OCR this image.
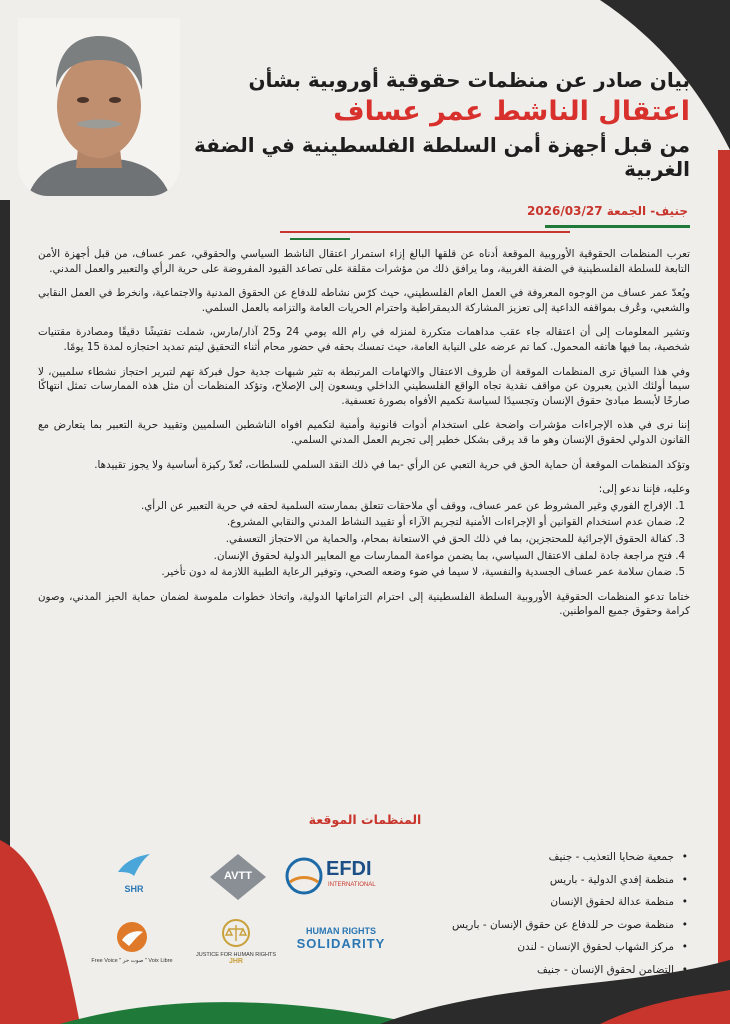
بيان صادر عن منظمات حقوقية أوروبية بشأن
اعتقال الناشط عمر عساف
من قبل أجهزة أمن السلطة الفلسطينية في الضفة الغربية
جنيف- الجمعة 2026/03/27

تعرب المنظمات الحقوقية الأوروبية الموقعة أدناه عن قلقها البالغ إزاء استمرار اعتقال الناشط السياسي والحقوقي، عمر عساف، من قبل أجهزة الأمن التابعة للسلطة الفلسطينية في الضفة الغربية، وما يرافق ذلك من مؤشرات مقلقة على تصاعد القيود المفروضة على حرية الرأي والتعبير والعمل المدني.

ويُعدّ عمر عساف من الوجوه المعروفة في العمل العام الفلسطيني، حيث كرّس نشاطه للدفاع عن الحقوق المدنية والاجتماعية، وانخرط في العمل النقابي والشعبي، وعُرف بمواقفه الداعية إلى تعزيز المشاركة الديمقراطية واحترام الحريات العامة والتزامه بالعمل السلمي.

وتشير المعلومات إلى أن اعتقاله جاء عقب مداهمات متكررة لمنزله في رام الله يومي 24 و25 آذار/مارس، شملت تفتيشًا دقيقًا ومصادرة مقتنيات شخصية، بما فيها هاتفه المحمول. كما تم عرضه على النيابة العامة، حيث تمسك بحقه في حضور محام أثناء التحقيق ليتم تمديد احتجازه لمدة 15 يومًا.

وفي هذا السياق ترى المنظمات الموقعة أن ظروف الاعتقال والاتهامات المرتبطة به تثير شبهات جدية حول فبركة تهم لتبرير احتجاز نشطاء سلميين، لا سيما أولئك الذين يعبرون عن مواقف نقدية تجاه الواقع الفلسطيني الداخلي ويسعون إلى الإصلاح، وتؤكد المنظمات أن مثل هذه الممارسات تمثل انتهاكًا صارخًا لأبسط مبادئ حقوق الإنسان وتجسيدًا لسياسة تكميم الأفواه بصورة تعسفية.

إننا نرى في هذه الإجراءات مؤشرات واضحة على استخدام أدوات قانونية وأمنية لتكميم افواه الناشطين السلميين وتقييد حرية التعبير بما يتعارض مع القانون الدولي لحقوق الإنسان وهو ما قد يرقى بشكل خطير إلى تجريم العمل المدني السلمي.

وتؤكد المنظمات الموقعة أن حماية الحق في حرية التعبي عن الرأي -بما في ذلك النقد السلمي للسلطات، تُعدّ ركيزة أساسية ولا يجوز تقييدها.

وعليه، فإننا ندعو إلى:

1. الإفراج الفوري وغير المشروط عن عمر عساف، ووقف أي ملاحقات تتعلق بممارسته السلمية لحقه في حرية التعبير عن الرأي.
2. ضمان عدم استخدام القوانين أو الإجراءات الأمنية لتجريم الآراء أو تقييد النشاط المدني والنقابي المشروع.
3. كفالة الحقوق الإجرائية للمحتجزين، بما في ذلك الحق في الاستعانة بمحام، والحماية من الاحتجاز التعسفي.
4. فتح مراجعة جادة لملف الاعتقال السياسي، بما يضمن مواءمة الممارسات مع المعايير الدولية لحقوق الإنسان.
5. ضمان سلامة عمر عساف الجسدية والنفسية، لا سيما في ضوء وضعه الصحي، وتوفير الرعاية الطبية اللازمة له دون تأخير.

ختاما تدعو المنظمات الحقوقية الأوروبية السلطة الفلسطينية إلى احترام التزاماتها الدولية، واتخاذ خطوات ملموسة لضمان حماية الحيز المدني، وصون كرامة وحقوق جميع المواطنين.

المنظمات الموقعة
• جمعية ضحايا التعذيب - جنيف
• منظمة إفدي الدولية - باريس
• منظمة عدالة لحقوق الإنسان
• منظمة صوت حر للدفاع عن حقوق الإنسان - باريس
• مركز الشهاب لحقوق الإنسان - لندن
• التضامن لحقوق الإنسان - جنيف
SHR
AVTT	EFDI
INTERNATIONAL
Free Voice " صوت حر " Voix Libre
JUSTICE FOR HUMAN RIGHTS
JHR
HUMAN RIGHTS
SOLIDARITY
